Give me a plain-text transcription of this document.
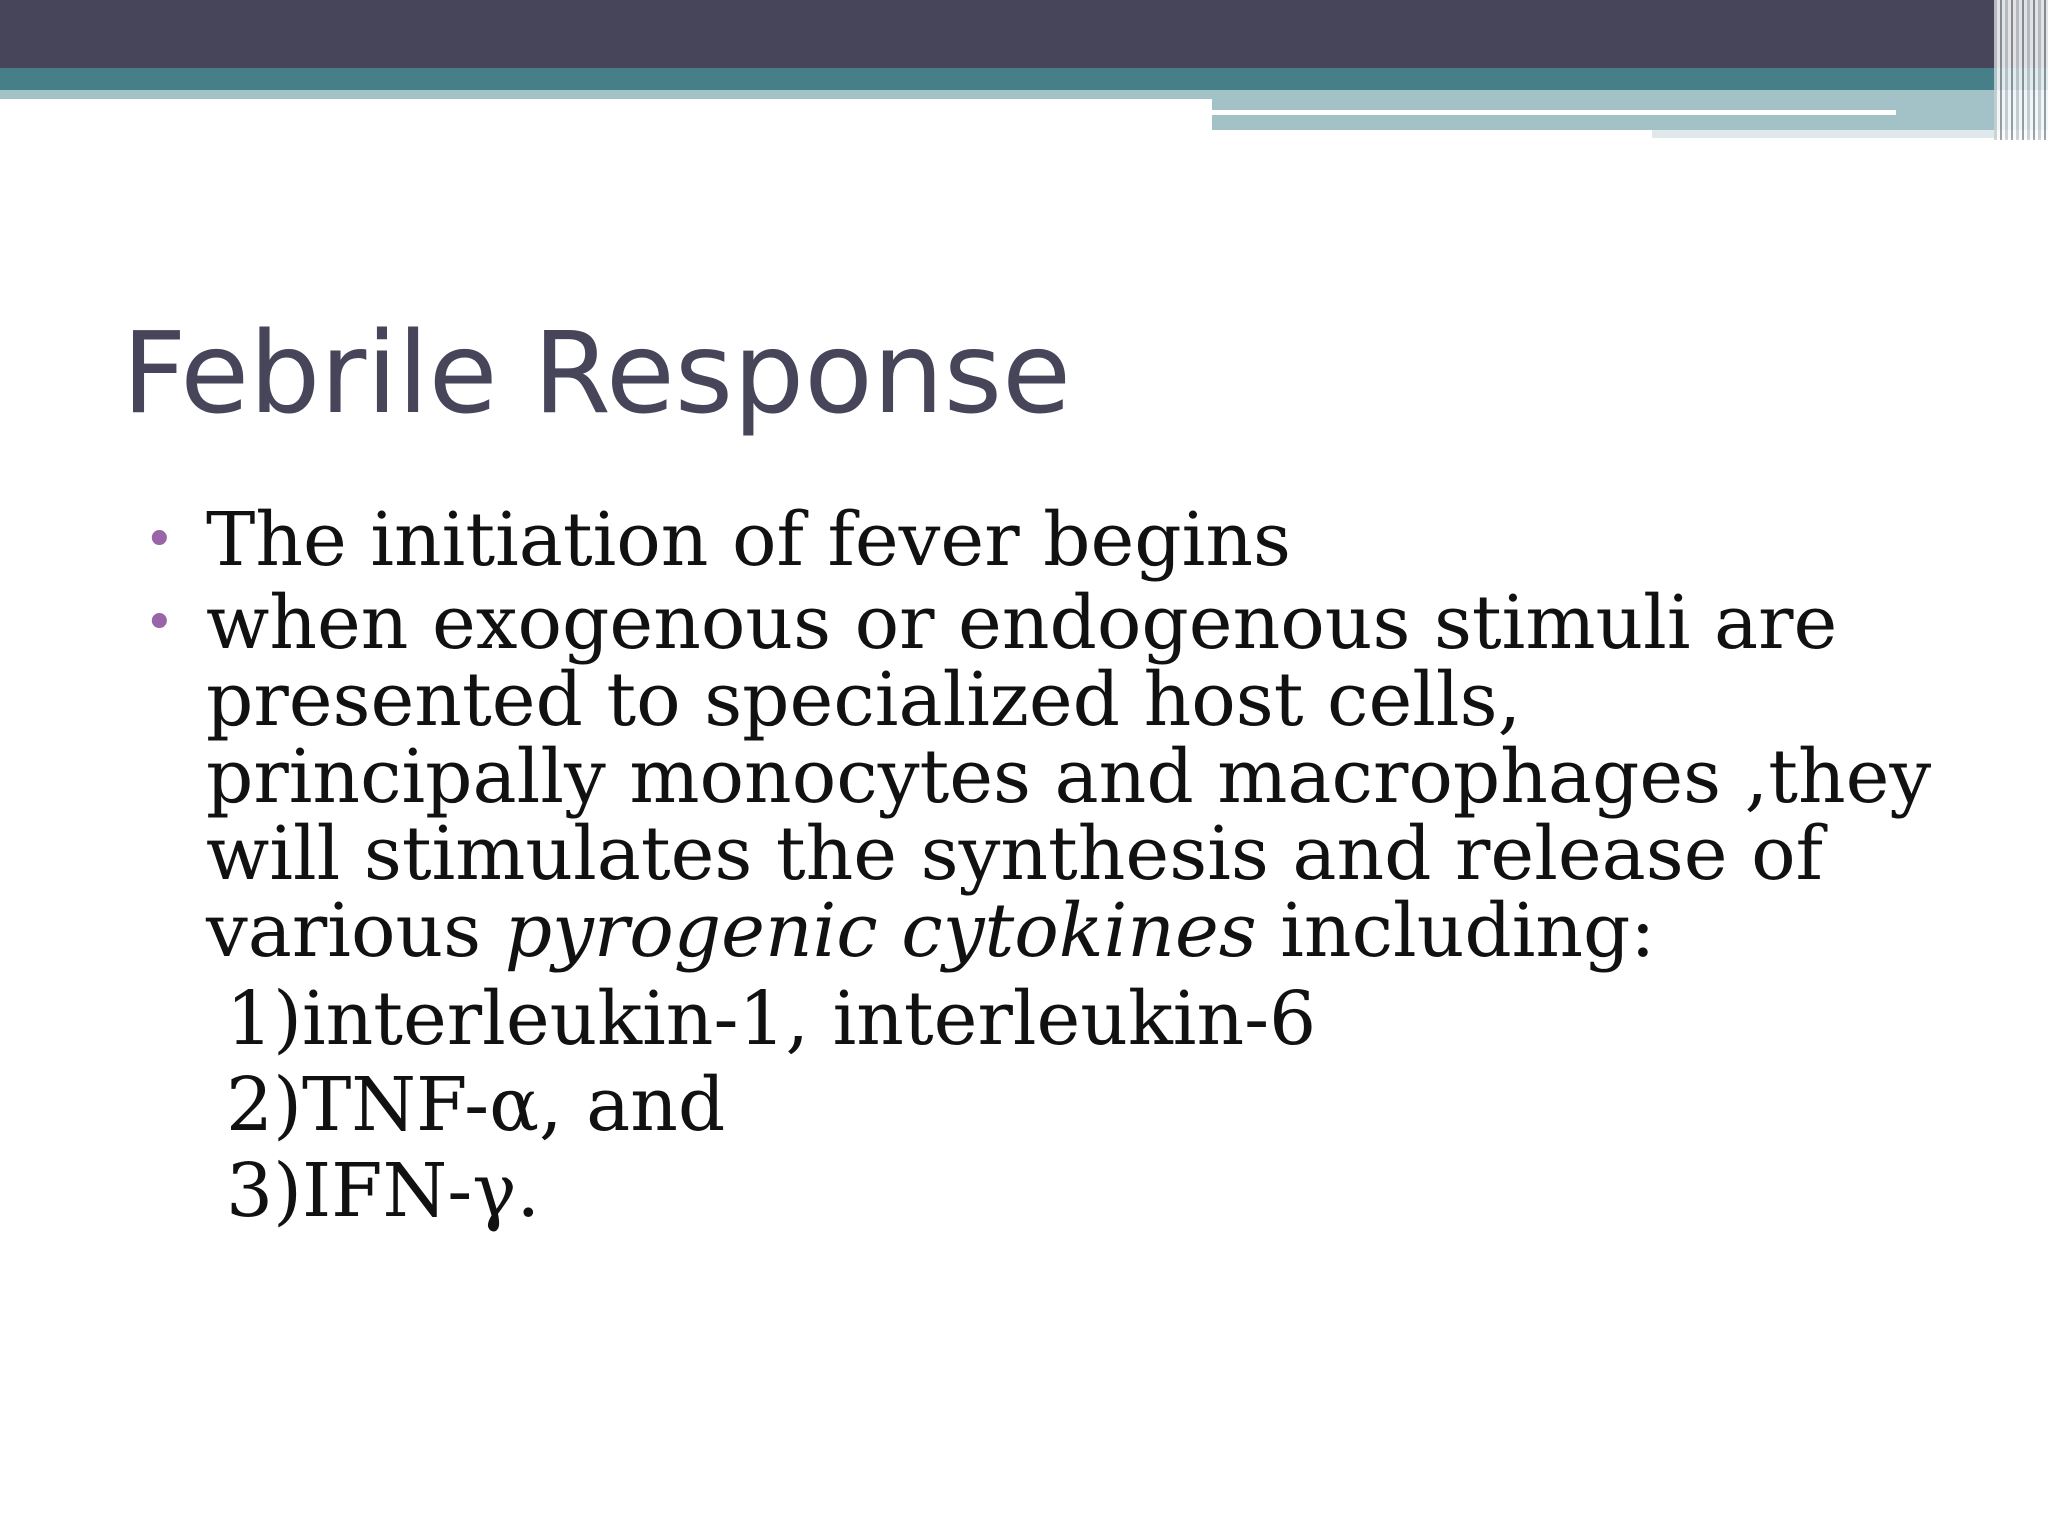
Febrile Response
• The initiation of fever begins
• when exogenous or endogenous stimuli are presented to specialized host cells, principally monocytes and macrophages ,they will stimulates the synthesis and release of various pyrogenic cytokines including:
1)interleukin-1, interleukin-6
2)TNF-α, and
3)IFN-γ.
